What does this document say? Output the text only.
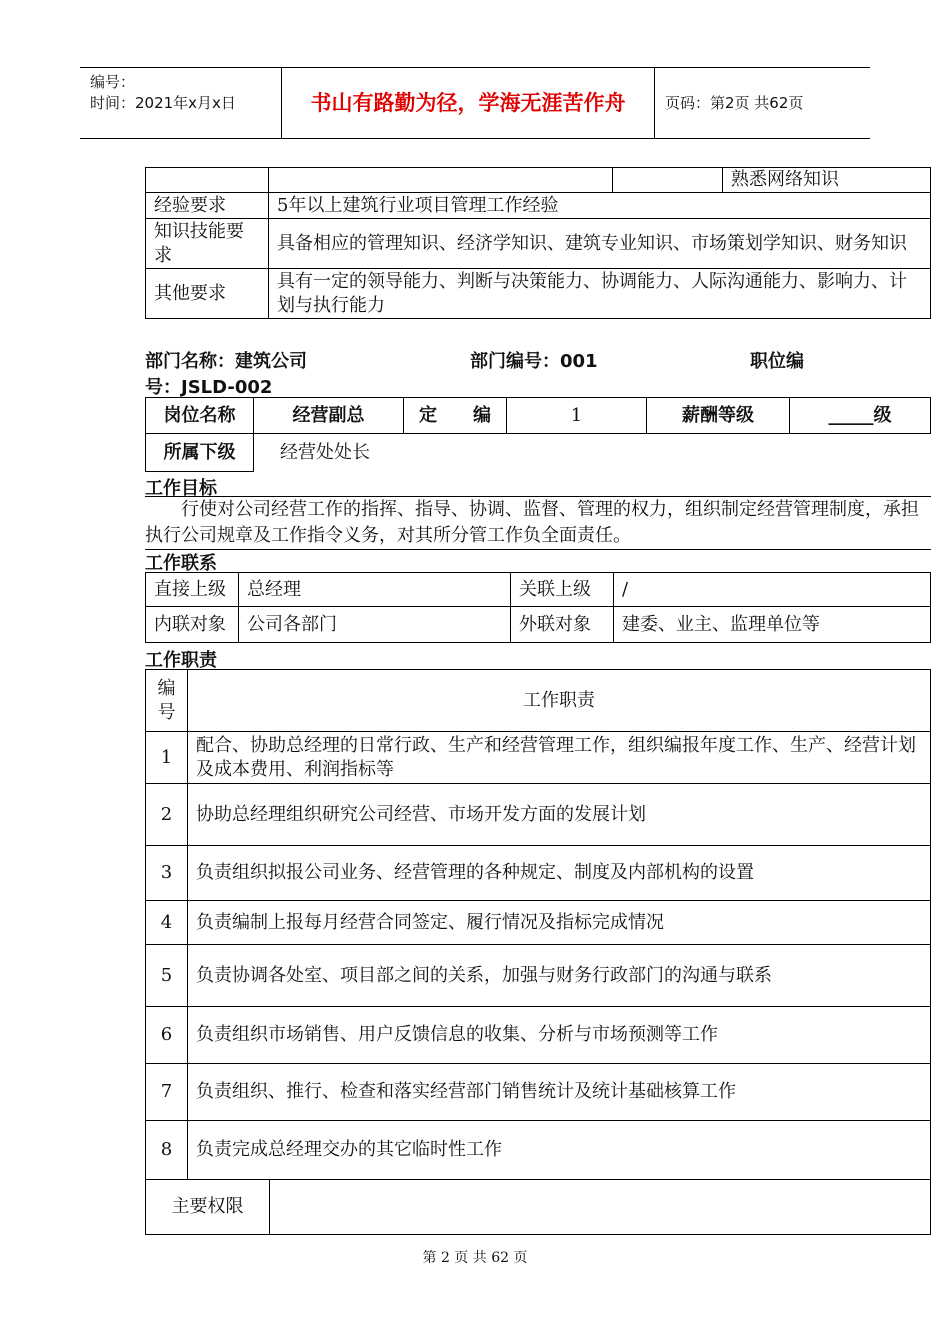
编号：
时间：2021年x月x日	书山有路勤为径，学海无涯苦作舟	页码：第2页 共62页
			熟悉网络知识
经验要求	5年以上建筑行业项目管理工作经验		
知识技能要求	具备相应的管理知识、经济学知识、建筑专业知识、市场策划学知识、财务知识		
其他要求	具有一定的领导能力、判断与决策能力、协调能力、人际沟通能力、影响力、计划与执行能力		
部门名称：建筑公司	部门编号：001	职位编
号：JSLD-002
岗位名称	经营副总	定　　编	1	薪酬等级	_____级
所属下级	经营处处长				
工作目标
行使对公司经营工作的指挥、指导、协调、监督、管理的权力，组织制定经营管理制度，承担执行公司规章及工作指令义务，对其所分管工作负全面责任。
工作联系
直接上级	总经理	关联上级	/
内联对象	公司各部门	外联对象	建委、业主、监理单位等
工作职责
编号	工作职责	
1	配合、协助总经理的日常行政、生产和经营管理工作，组织编报年度工作、生产、经营计划及成本费用、利润指标等	
2	协助总经理组织研究公司经营、市场开发方面的发展计划	
3	负责组织拟报公司业务、经营管理的各种规定、制度及内部机构的设置	
4	负责编制上报每月经营合同签定、履行情况及指标完成情况	
5	负责协调各处室、项目部之间的关系，加强与财务行政部门的沟通与联系	
6	负责组织市场销售、用户反馈信息的收集、分析与市场预测等工作	
7	负责组织、推行、检查和落实经营部门销售统计及统计基础核算工作	
8	负责完成总经理交办的其它临时性工作	
主要权限		
第 2 页 共 62 页
